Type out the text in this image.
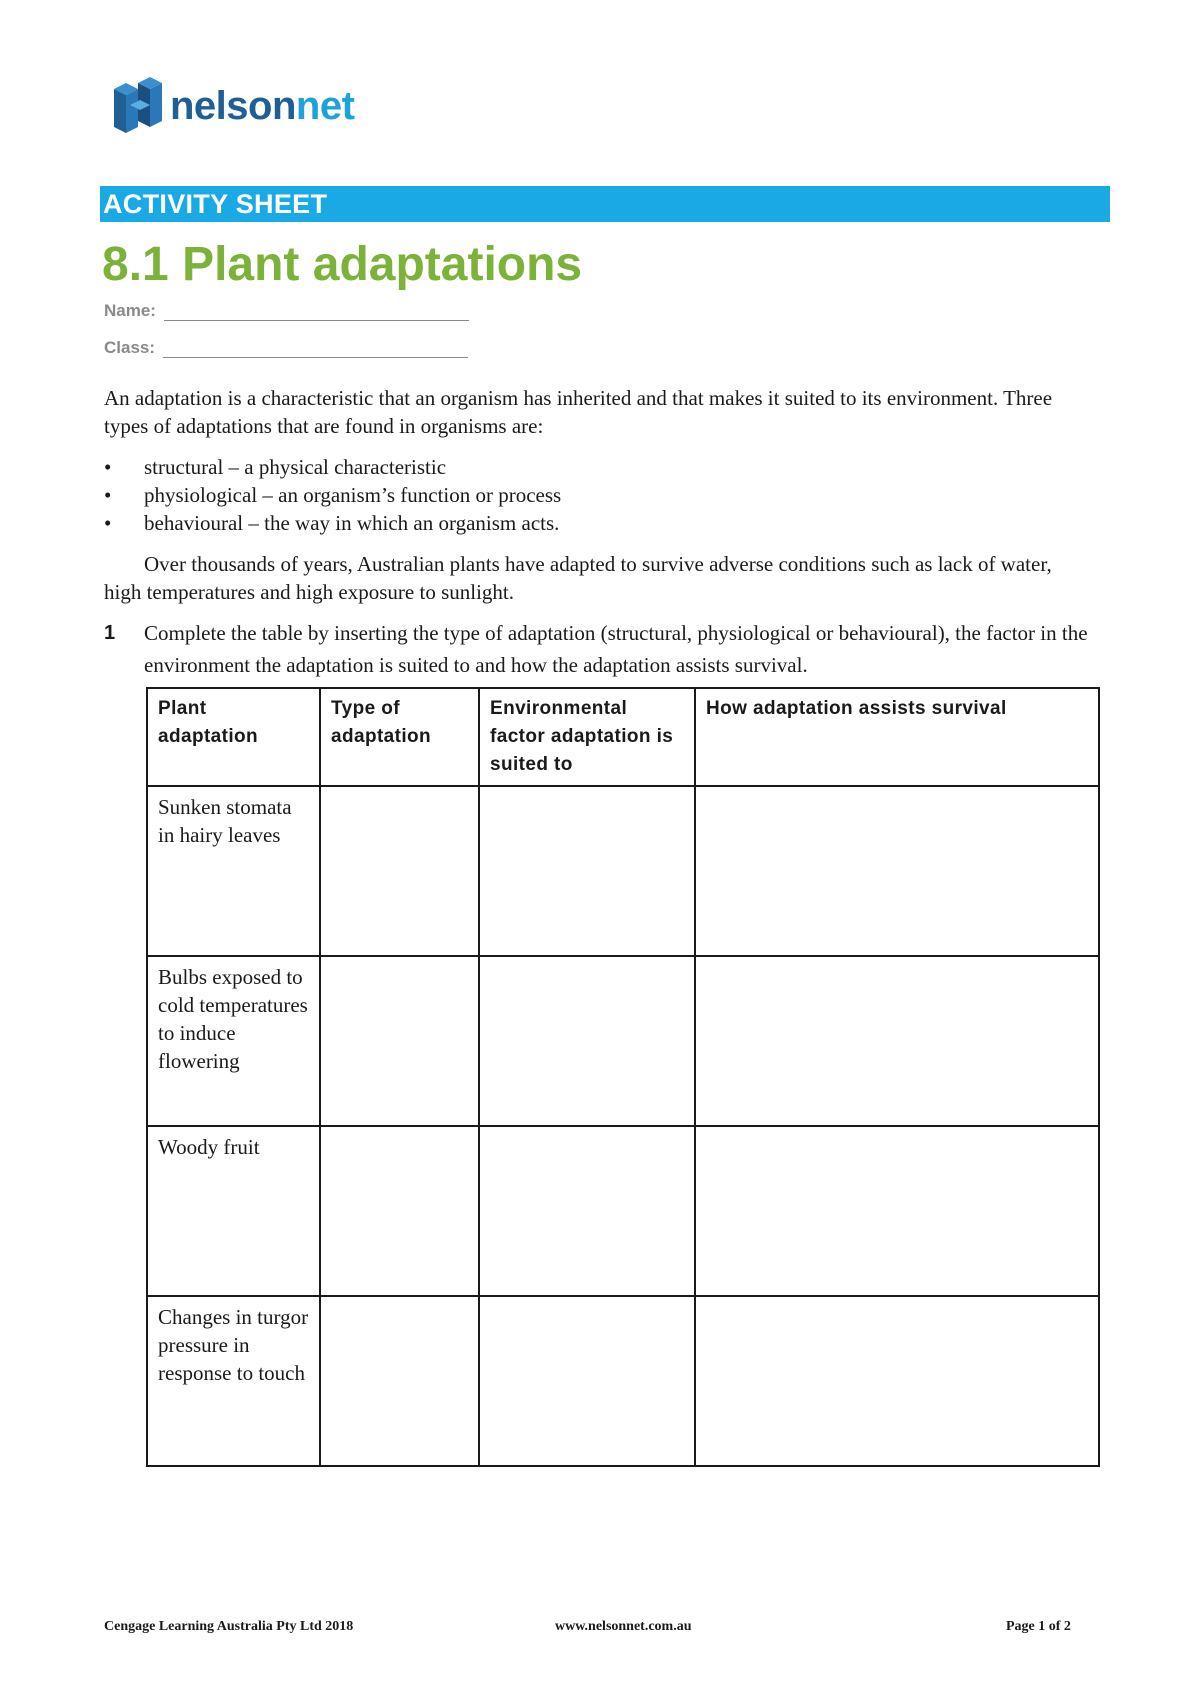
nelsonnet
ACTIVITY SHEET
8.1 Plant adaptations
Name:
Class:

An adaptation is a characteristic that an organism has inherited and that makes it suited to its environment. Three types of adaptations that are found in organisms are:

•	structural – a physical characteristic
•	physiological – an organism’s function or process
•	behavioural – the way in which an organism acts.

Over thousands of years, Australian plants have adapted to survive adverse conditions such as lack of water, high temperatures and high exposure to sunlight.

1	Complete the table by inserting the type of adaptation (structural, physiological or behavioural), the factor in the environment the adaptation is suited to and how the adaptation assists survival.
Plant adaptation	Type of adaptation	Environmental factor adaptation is suited to	How adaptation assists survival
Sunken stomata in hairy leaves			
Bulbs exposed to cold temperatures to induce flowering			
Woody fruit			
Changes in turgor pressure in response to touch			
Cengage Learning Australia Pty Ltd 2018	www.nelsonnet.com.au	Page 1 of 2
